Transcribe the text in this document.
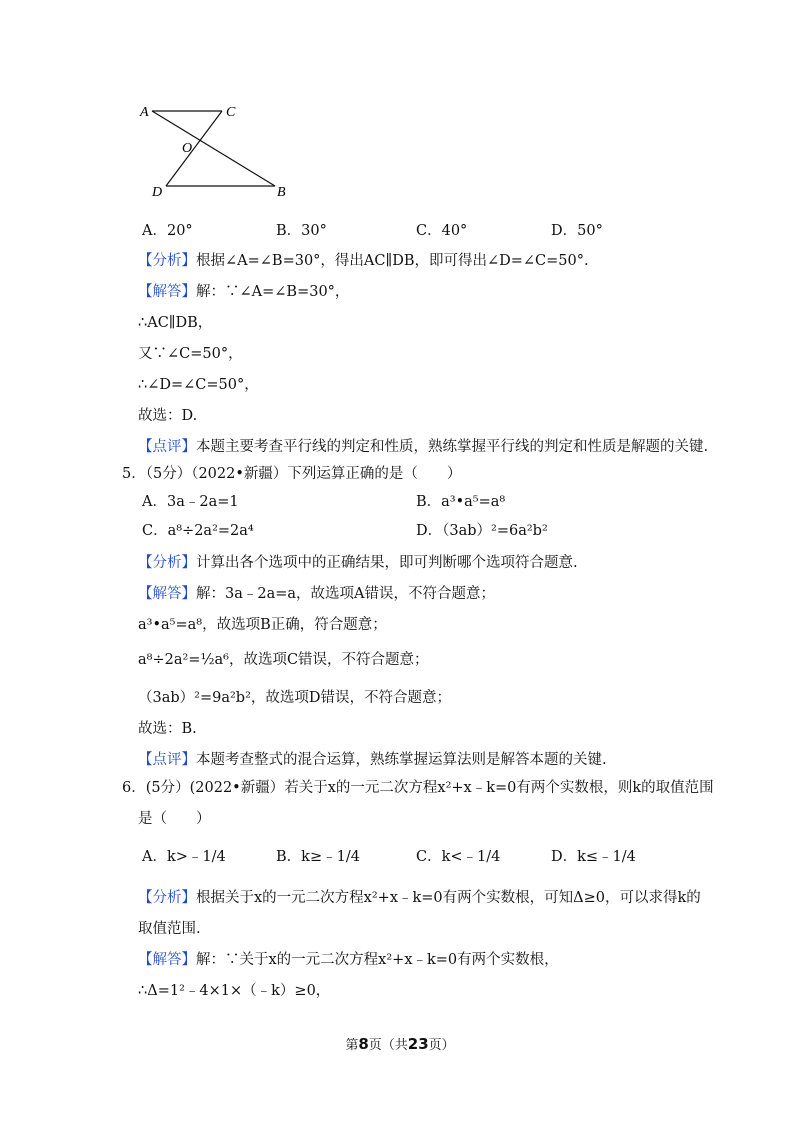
A	C
O
D	B
A．20°	B．30°	C．40°	D．50°
【分析】根据∠A=∠B=30°，得出AC∥DB，即可得出∠D=∠C=50°.
【解答】解：∵∠A=∠B=30°，
∴AC∥DB，
又∵∠C=50°，
∴∠D=∠C=50°，
故选：D.
【点评】本题主要考查平行线的判定和性质，熟练掌握平行线的判定和性质是解题的关键.
5．（5分）（2022•新疆）下列运算正确的是（　　）
A．3a﹣2a=1	B．a³•a⁵=a⁸
C．a⁸÷2a²=2a⁴	D．（3ab）²=6a²b²
【分析】计算出各个选项中的正确结果，即可判断哪个选项符合题意.
【解答】解：3a﹣2a=a，故选项A错误，不符合题意；
a³•a⁵=a⁸，故选项B正确，符合题意；
a⁸÷2a²=½a⁶，故选项C错误，不符合题意；
（3ab）²=9a²b²，故选项D错误，不符合题意；
故选：B.
【点评】本题考查整式的混合运算，熟练掌握运算法则是解答本题的关键.
6．(5分）(2022•新疆）若关于x的一元二次方程x²+x﹣k=0有两个实数根，则k的取值范围
是（　　）
A．k>﹣1/4	B．k≥﹣1/4	C．k<﹣1/4	D．k≤﹣1/4
【分析】根据关于x的一元二次方程x²+x﹣k=0有两个实数根，可知Δ≥0，可以求得k的
取值范围.
【解答】解：∵关于x的一元二次方程x²+x﹣k=0有两个实数根，
∴Δ=1²﹣4×1×（﹣k）≥0，
第8页（共23页）
